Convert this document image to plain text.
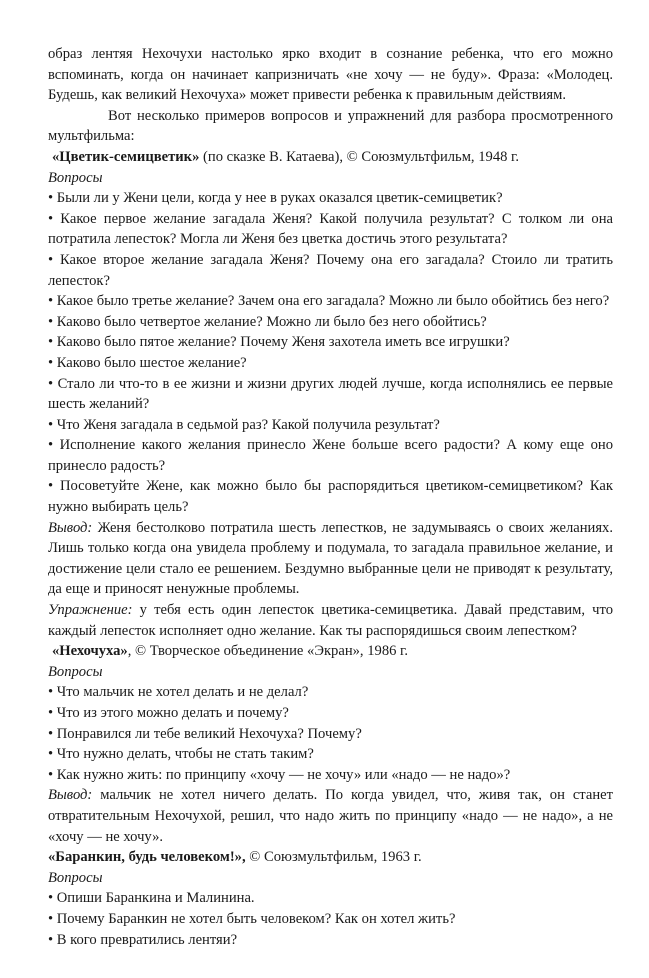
образ лентяя Нехочухи настолько ярко входит в сознание ребенка, что его можно вспоминать, когда он начинает капризничать «не хочу — не буду». Фраза: «Молодец. Будешь, как великий Нехочуха» может привести ребенка к правильным действиям.

Вот несколько примеров вопросов и упражнений для разбора просмотренного мультфильма:

«Цветик-семицветик» (по сказке В. Катаева), © Союзмультфильм, 1948 г.

Вопросы

• Были ли у Жени цели, когда у нее в руках оказался цветик-семицветик?

• Какое первое желание загадала Женя? Какой получила результат? С толком ли она потратила лепесток? Могла ли Женя без цветка достичь этого результата?

• Какое второе желание загадала Женя? Почему она его загадала? Стоило ли тратить лепесток?

• Какое было третье желание? Зачем она его загадала? Можно ли было обойтись без него?

• Каково было четвертое желание? Можно ли было без него обойтись?

• Каково было пятое желание? Почему Женя захотела иметь все игрушки?

• Каково было шестое желание?

• Стало ли что-то в ее жизни и жизни других людей лучше, когда исполнялись ее первые шесть желаний?

• Что Женя загадала в седьмой раз? Какой получила результат?

• Исполнение какого желания принесло Жене больше всего радости? А кому еще оно принесло радость?

• Посоветуйте Жене, как можно было бы распорядиться цветиком-семицветиком? Как нужно выбирать цель?

Вывод: Женя бестолково потратила шесть лепестков, не задумываясь о своих желаниях. Лишь только когда она увидела проблему и подумала, то загадала правильное желание, и достижение цели стало ее решением. Бездумно выбранные цели не приводят к результату, да еще и приносят ненужные проблемы.

Упражнение: у тебя есть один лепесток цветика-семицветика. Давай представим, что каждый лепесток исполняет одно желание. Как ты распорядишься своим лепестком?

«Нехочуха», © Творческое объединение «Экран», 1986 г.

Вопросы

• Что мальчик не хотел делать и не делал?

• Что из этого можно делать и почему?

• Понравился ли тебе великий Нехочуха? Почему?

• Что нужно делать, чтобы не стать таким?

• Как нужно жить: по принципу «хочу — не хочу» или «надо — не надо»?

Вывод: мальчик не хотел ничего делать. По когда увидел, что, живя так, он станет отвратительным Нехочухой, решил, что надо жить по принципу «надо — не надо», а не «хочу — не хочу».

«Баранкин, будь человеком!», © Союзмультфильм, 1963 г.

Вопросы

• Опиши Баранкина и Малинина.

• Почему Баранкин не хотел быть человеком? Как он хотел жить?

• В кого превратились лентяи?
